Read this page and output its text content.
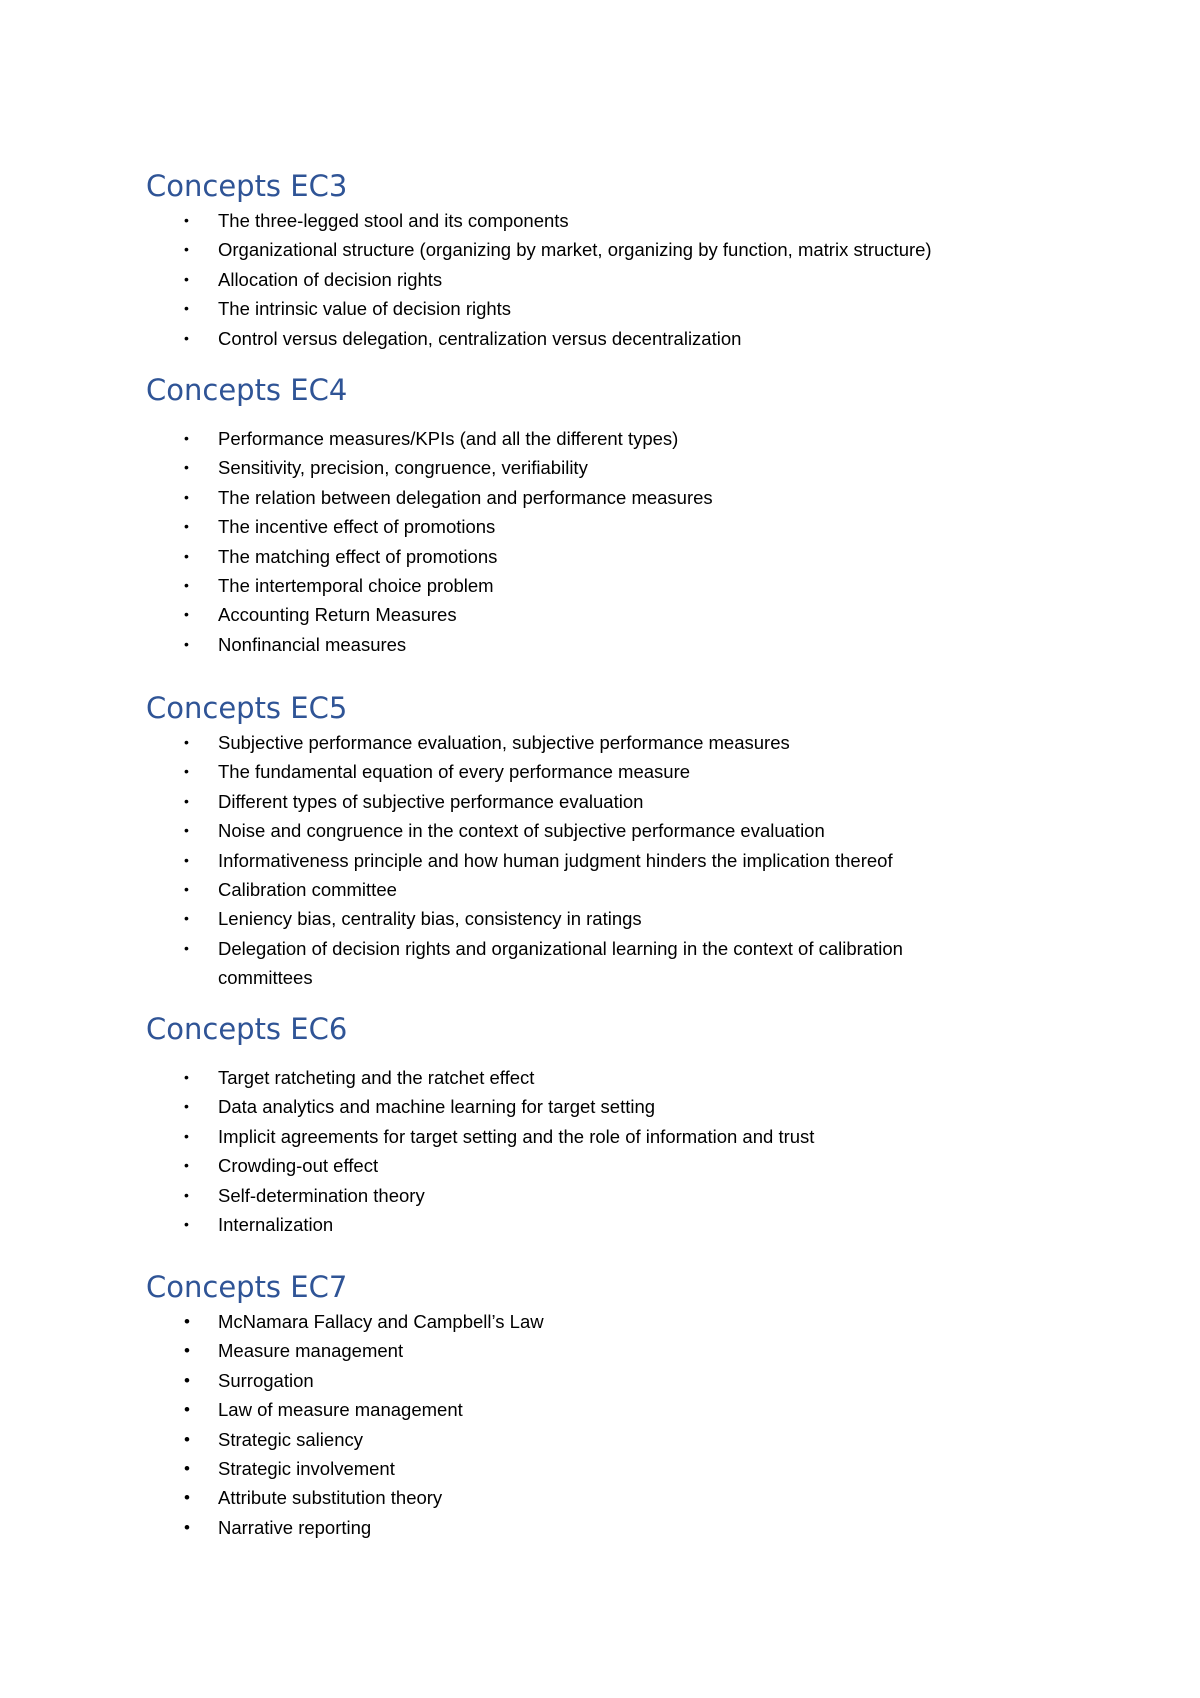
Concepts EC3
• The three-legged stool and its components
• Organizational structure (organizing by market, organizing by function, matrix structure)
• Allocation of decision rights
• The intrinsic value of decision rights
• Control versus delegation, centralization versus decentralization
Concepts EC4
• Performance measures/KPIs (and all the different types)
• Sensitivity, precision, congruence, verifiability
• The relation between delegation and performance measures
• The incentive effect of promotions
• The matching effect of promotions
• The intertemporal choice problem
• Accounting Return Measures
• Nonfinancial measures
Concepts EC5
• Subjective performance evaluation, subjective performance measures
• The fundamental equation of every performance measure
• Different types of subjective performance evaluation
• Noise and congruence in the context of subjective performance evaluation
• Informativeness principle and how human judgment hinders the implication thereof
• Calibration committee
• Leniency bias, centrality bias, consistency in ratings
• Delegation of decision rights and organizational learning in the context of calibration committees
Concepts EC6
• Target ratcheting and the ratchet effect
• Data analytics and machine learning for target setting
• Implicit agreements for target setting and the role of information and trust
• Crowding-out effect
• Self-determination theory
• Internalization
Concepts EC7
• McNamara Fallacy and Campbell’s Law
• Measure management
• Surrogation
• Law of measure management
• Strategic saliency
• Strategic involvement
• Attribute substitution theory
• Narrative reporting
